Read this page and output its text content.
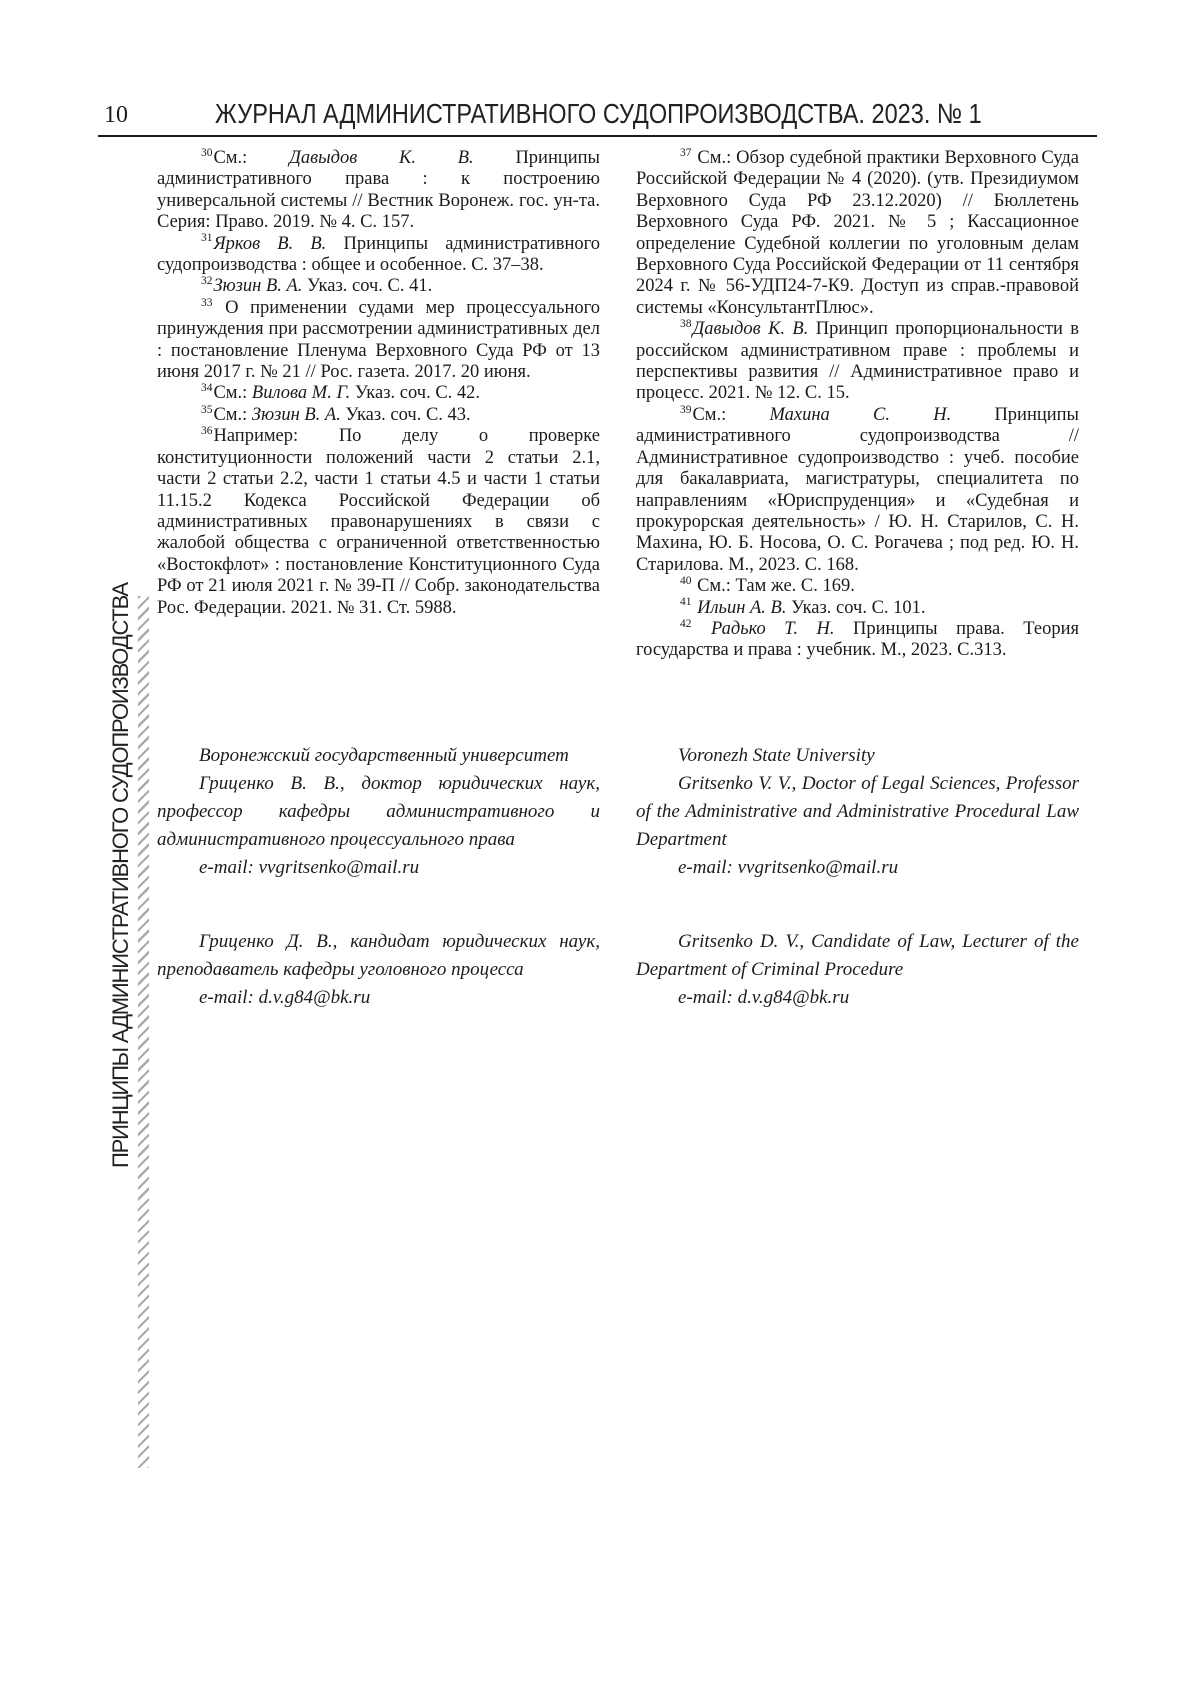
10	ЖУРНАЛ АДМИНИСТРАТИВНОГО СУДОПРОИЗВОДСТВА. 2023. № 1
ПРИНЦИПЫ АДМИНИСТРАТИВНОГО СУДОПРОИЗВОДСТВА

$^{30}$См.: Давыдов К. В. Принципы административного права : к построению универсальной системы // Вестник Воронеж. гос. ун-та. Серия: Право. 2019. № 4. С. 157.

$^{31}$Ярков В. В. Принципы административного судопроизводства : общее и особенное. С. 37–38.

$^{32}$Зюзин В. А. Указ. соч. С. 41.

$^{33}$ О применении судами мер процессуального принуждения при рассмотрении административных дел : постановление Пленума Верховного Суда РФ от 13 июня 2017 г. № 21 // Рос. газета. 2017. 20 июня.

$^{34}$См.: Вилова М. Г. Указ. соч. С. 42.

$^{35}$См.: Зюзин В. А. Указ. соч. С. 43.

$^{36}$Например: По делу о проверке конституционности положений части 2 статьи 2.1, части 2 статьи 2.2, части 1 статьи 4.5 и части 1 статьи 11.15.2 Кодекса Российской Федерации об административных правонарушениях в связи с жалобой общества с ограниченной ответственностью «Востокфлот» : постановление Конституционного Суда РФ от 21 июля 2021 г. № 39-П // Собр. законодательства Рос. Федерации. 2021. № 31. Ст. 5988.

$^{37}$ См.: Обзор судебной практики Верховного Суда Российской Федерации № 4 (2020). (утв. Президиумом Верховного Суда РФ 23.12.2020) // Бюллетень Верховного Суда РФ. 2021. № 5 ; Кассационное определение Судебной коллегии по уголовным делам Верховного Суда Российской Федерации от 11 сентября 2024 г. № 56-УДП24-7-К9. Доступ из справ.-правовой системы «КонсультантПлюс».

$^{38}$Давыдов К. В. Принцип пропорциональности в российском административном праве : проблемы и перспективы развития // Административное право и процесс. 2021. № 12. С. 15.

$^{39}$См.: Махина С. Н. Принципы административного судопроизводства // Административное судопроизводство : учеб. пособие для бакалавриата, магистратуры, специалитета по направлениям «Юриспруденция» и «Судебная и прокурорская деятельность» / Ю. Н. Старилов, С. Н. Махина, Ю. Б. Носова, О. С. Рогачева ; под ред. Ю. Н. Старилова. М., 2023. С. 168.

$^{40}$ См.: Там же. С. 169.

$^{41}$ Ильин А. В. Указ. соч. С. 101.

$^{42}$ Радько Т. Н. Принципы права. Теория государства и права : учебник. М., 2023. С.313.

Воронежский государственный университет

Гриценко В. В., доктор юридических наук, профессор кафедры административного и административного процессуального права

e-mail: vvgritsenko@mail.ru

Гриценко Д. В., кандидат юридических наук, преподаватель кафедры уголовного процесса

e-mail: d.v.g84@bk.ru

Voronezh State University

Gritsenko V. V., Doctor of Legal Sciences, Professor of the Administrative and Administrative Procedural Law Department

e-mail: vvgritsenko@mail.ru

Gritsenko D. V., Candidate of Law, Lecturer of the Department of Criminal Procedure

e-mail: d.v.g84@bk.ru
